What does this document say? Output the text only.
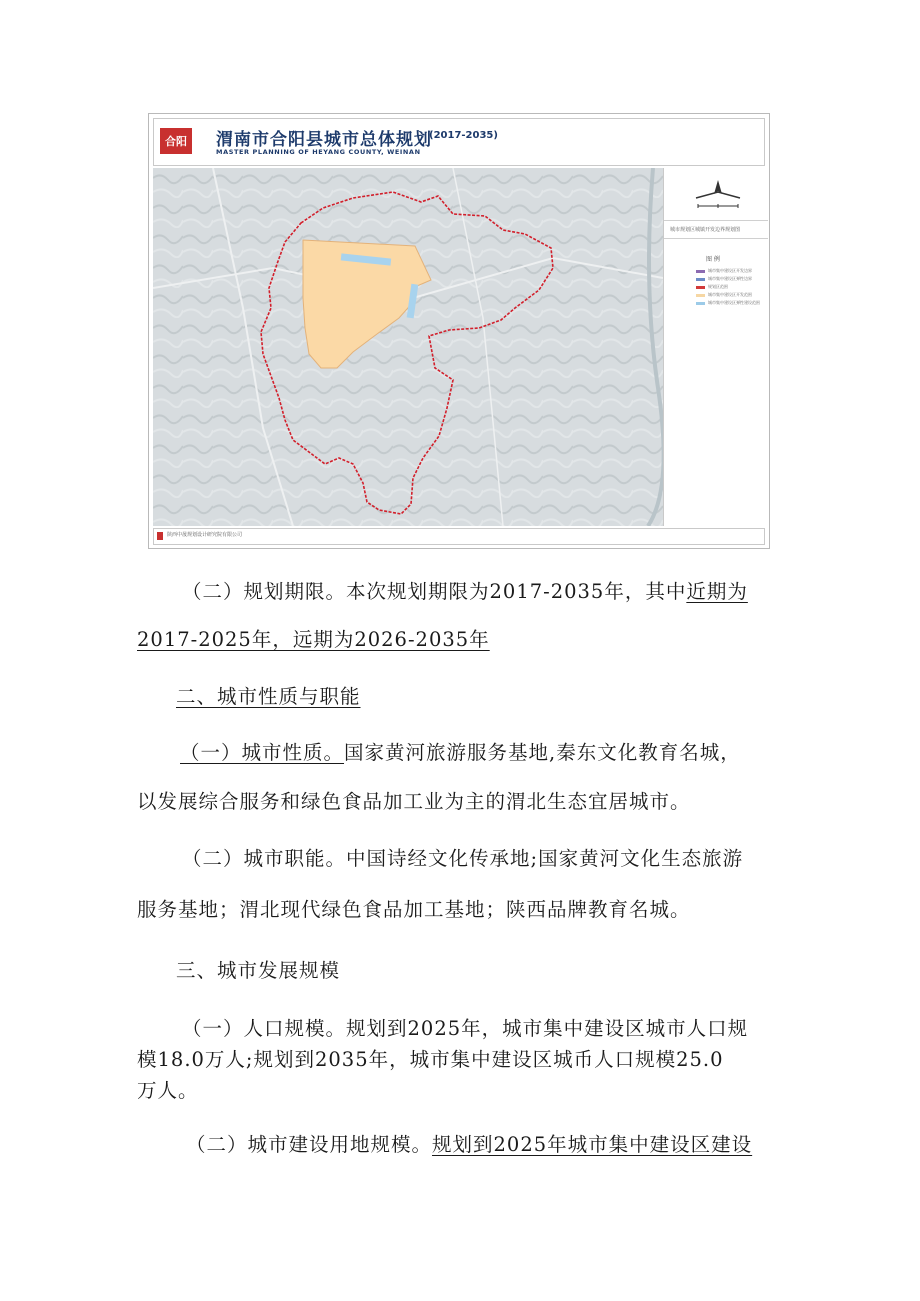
合阳 渭南市合阳县城市总体规划
(2017-2035)
MASTER PLANNING OF HEYANG COUNTY, WEINAN
城市规划区城镇开发边界规划图
图 例
城市集中建设区开发边界
城市集中建设区弹性边界
规划区范围
城市集中建设区开发范围
城市集中建设区弹性建设范围
陕西中晟规划设计研究院有限公司
（二）规划期限。本次规划期限为2017-2035年，其中近期为
2017-2025年，远期为2026-2035年
二、城市性质与职能
（一）城市性质。国家黄河旅游服务基地,秦东文化教育名城，
以发展综合服务和绿色食品加工业为主的渭北生态宜居城市。
（二）城市职能。中国诗经文化传承地;国家黄河文化生态旅游
服务基地；渭北现代绿色食品加工基地；陕西品牌教育名城。
三、城市发展规模
（一）人口规模。规划到2025年，城市集中建设区城市人口规
模18.0万人;规划到2035年，城市集中建设区城币人口规模25.0
万人。
（二）城市建设用地规模。规划到2025年城市集中建设区建设
